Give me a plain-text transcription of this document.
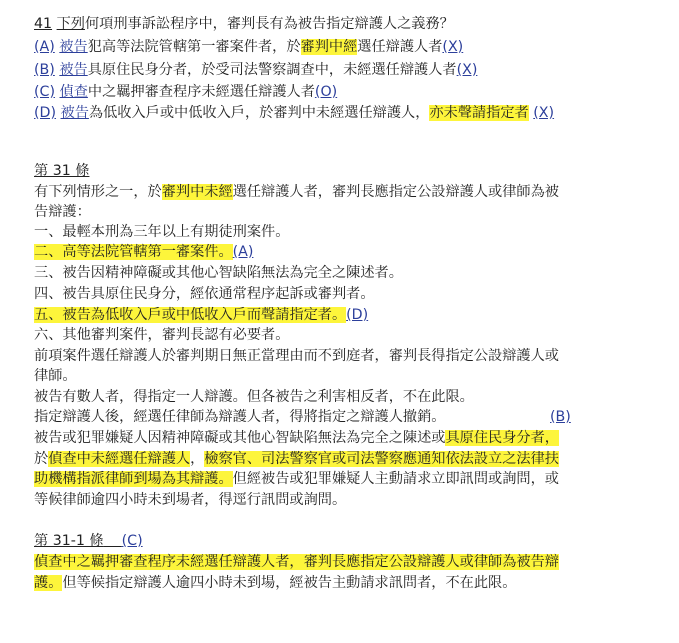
41 下列何項刑事訴訟程序中，審判長有為被告指定辯護人之義務？
(A) 被告犯高等法院管轄第一審案件者，於審判中經選任辯護人者(X)
(B) 被告具原住民身分者，於受司法警察調查中，未經選任辯護人者(X)
(C) 偵查中之羈押審查程序未經選任辯護人者(O)
(D) 被告為低收入戶或中低收入戶，於審判中未經選任辯護人，亦未聲請指定者 (X)
第 31 條
有下列情形之一，於審判中未經選任辯護人者，審判長應指定公設辯護人或律師為被
告辯護：
一、最輕本刑為三年以上有期徒刑案件。
二、高等法院管轄第一審案件。(A)
三、被告因精神障礙或其他心智缺陷無法為完全之陳述者。
四、被告具原住民身分，經依通常程序起訴或審判者。
五、被告為低收入戶或中低收入戶而聲請指定者。(D)
六、其他審判案件，審判長認有必要者。
前項案件選任辯護人於審判期日無正當理由而不到庭者，審判長得指定公設辯護人或
律師。
被告有數人者，得指定一人辯護。但各被告之利害相反者，不在此限。
指定辯護人後，經選任律師為辯護人者，得將指定之辯護人撤銷。	(B)
被告或犯罪嫌疑人因精神障礙或其他心智缺陷無法為完全之陳述或具原住民身分者，
於偵查中未經選任辯護人，檢察官、司法警察官或司法警察應通知依法設立之法律扶
助機構指派律師到場為其辯護。但經被告或犯罪嫌疑人主動請求立即訊問或詢問，或
等候律師逾四小時未到場者，得逕行訊問或詢問。
第 31-1 條 (C)
偵查中之羈押審查程序未經選任辯護人者，審判長應指定公設辯護人或律師為被告辯
護。但等候指定辯護人逾四小時未到場，經被告主動請求訊問者，不在此限。
